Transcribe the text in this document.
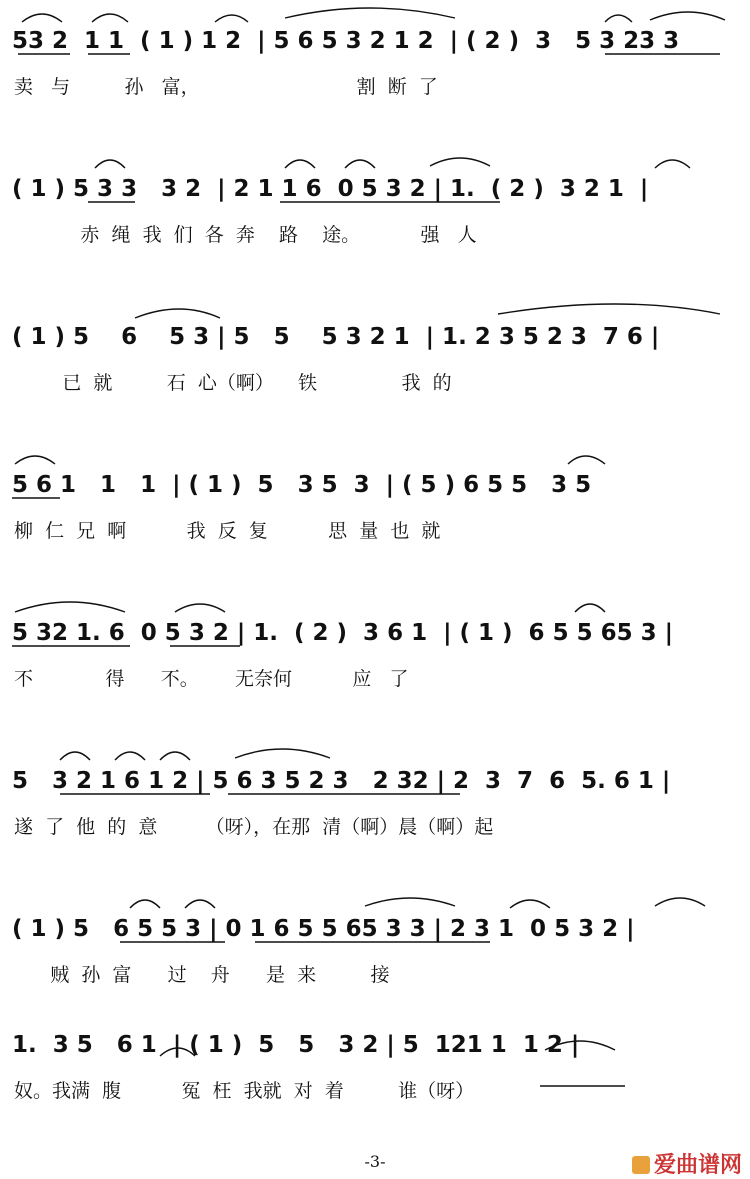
53 2  1 1  ( 1 ) 1 2  | 5 6 5 3 2 1 2  | ( 2 )  3   5 3 23 3
卖   与         孙   富，                          割  断  了
( 1 ) 5 3 3   3 2  | 2 1 1 6  0 5 3 2 | 1.  ( 2 )  3 2 1  |
赤  绳  我  们  各  奔    路    途。          强   人
( 1 ) 5    6    5 3 | 5   5    5 3 2 1  | 1. 2 3 5 2 3  7 6 |
已  就         石  心（啊）    铁              我  的
5 6 1   1   1  | ( 1 )  5   3 5  3  | ( 5 ) 6 5 5   3 5
柳  仁  兄  啊          我  反  复          思  量  也  就
5 32 1. 6  0 5 3 2 | 1.  ( 2 )  3 6 1  | ( 1 )  6 5 5 65 3 |
不            得      不。      无奈何          应   了
5   3 2 1 6 1 2 | 5 6 3 5 2 3   2 32 | 2  3  7  6  5. 6 1 |
遂  了  他  的  意        （呀），在那  清（啊）晨（啊）起
( 1 ) 5   6 5 5 3 | 0 1 6 5 5 65 3 3 | 2 3 1  0 5 3 2 |
贼  孙  富      过    舟      是  来         接
1.  3 5   6 1  | ( 1 )  5   5   3 2 | 5  121 1  1 2 |
奴。我满  腹          冤  枉  我就  对  着         谁（呀）
-3-	爱曲谱网
